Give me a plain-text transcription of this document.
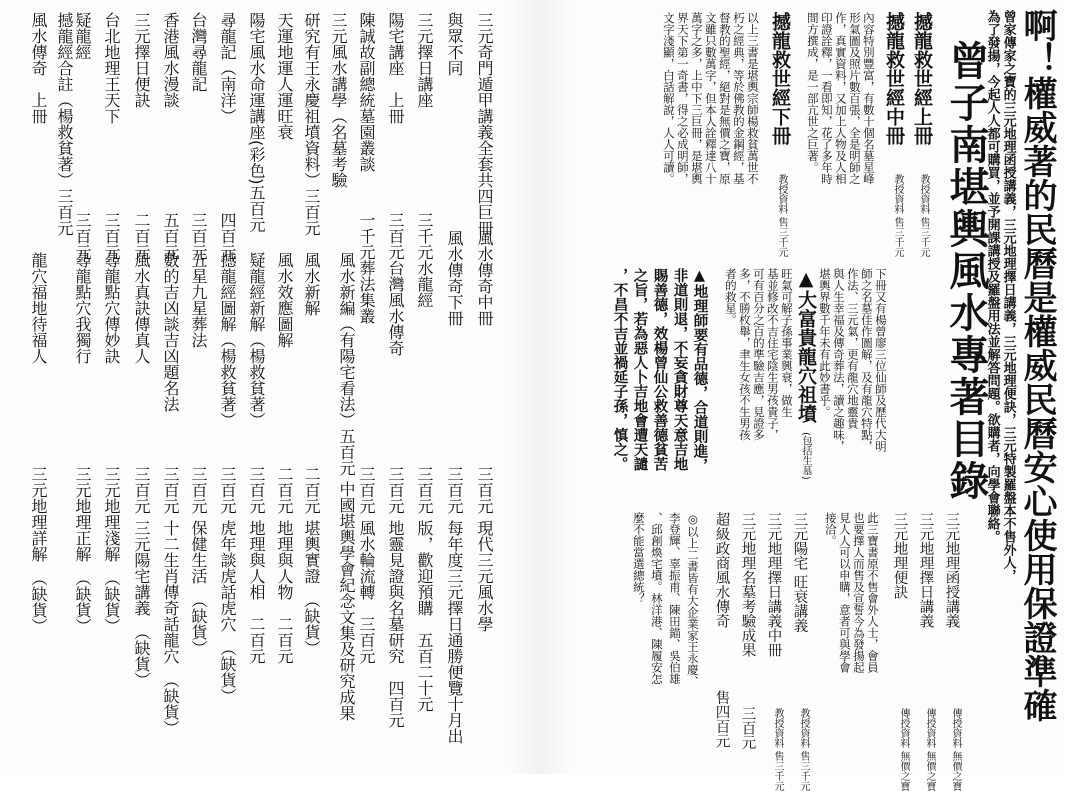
三元奇門遁甲講義全套共四巨冊
與眾不同
三元擇日講座
陽宅講座　上冊
陳誠故副總統墓園叢談
三元風水講學（名墓考驗
研究有王永慶祖墳資料）三百元
天運地運人運旺衰
陽宅風水命運講座(彩色)五百元
尋龍記（南洋）
台灣尋龍記
香港風水漫談
三元擇日便訣
台北地理王天下
疑龍經
撼龍經合註（楊救貧著）三百元
風水傳奇　上冊
風水傳奇中冊
風水傳奇下冊
水龍經
台灣風水傳奇
葬法集叢
風水新編（有陽宅看法）五百元 中國堪輿學會紀念文集及研究成果
風水新解
風水效應圖解
疑龍經新解（楊救貧著）
撼龍經圖解（楊救貧著）
五星九星葬法
數的吉凶談吉凶題名法
風水真訣傳真人
尋龍點穴傳妙訣
尋龍點穴我獨行
龍穴福地待福人
三千元
三百元
一千元
四百元
三百元
五百元
二百元
三百元
三百元
三百元
現代三元風水學
三百元
每年度三元擇日通勝便覽十月出
三百元
版，歡迎預購　五百二十元
三百元
地靈見證與名墓研究　四百元
三百元
風水輪流轉　三百元
二百元
堪輿實證　（缺貨）
二百元
地理與人物　二百元
三百元
地理與人相　二百元
三百元
虎年談虎話虎穴　（缺貨）
三百元
保健生活　（缺貨）
三百元
十二生肖傳奇話龍穴　（缺貨）
三百元
三元陽宅講義　（缺貨）
三元地理淺解　（缺貨）
三元地理正解　（缺貨）
三元地理詳解　（缺貨）	啊！權威著的民曆是權威民曆安心使用保證準確
曾子南堪輿風水專著目錄 曾家傳家之寶的三元地理函授講義，三元地理擇日講義，三元地理便訣，三元特製羅盤本不售外人，
為了發揚，今起人人都可購買，並予開課講授及羅盤用法並解答問題。欲購者，向學會聯絡。
撼龍救世經上冊
教授資料 售三千元
撼龍救世經中冊
教授資料 售三千元
內容特別豐富，有數十個名墓星峰
形氣圖及照片數百張，全是明師之
作，真實資料，又加上人物及人相
印證詮釋，一看即知，花了多年時
間方撰成，是一部亢世之巨著。
撼龍救世經下冊
教授資料 售三千元
以上三書是堪輿宗師楊救貧萬世不
朽之經典，等於佛教的金鋼經，基
督教的聖經，絕對是無價之寶，原
文雖只數萬字，但本人詮釋達八十
萬字之多，上中下三巨冊，是堪輿
界天下第一奇書，得之必成明師，
文字淺顯，白話解說，人人可讀。
下冊又有楊曾廖三位仙師及歷代大明
師之名墓佳作圖解，及有龍穴特點，
作法、三元氣，更有龍穴地靈貴
與人生幸福及傳奇葬法，讀之趣味，
堪輿界數千年未有此妙書乎。
▲大富貴龍穴祖墳
(包括生墓)
旺氣可解子孫事業興衰，做生
基並修改不吉住宅陰生男孩貴子，
可有百分之百的準驗吉應，見證多
多，不勝枚舉，聿生女孩不生男孩
者的救星。
▲地理師要有品德，合道則進，
非道則退，不妄貪財尊天意吉地
賜善德，效楊曾仙公救善德貧苦
之旨，若為惡人卜吉地會遭天譴
，不昌不吉並禍延子孫，慎之。
三元地理函授講義
傳授資料 無價之寶
三元地理擇日講義
傳授資料 無價之寶
三元地理便訣
傳授資料 無價之寶
此三寶書原不售會外人士，會員
也要擇人而售及宣誓今為發揚起
見人人可以申購，意者可與學會
接洽。
三元陽宅 旺衰講義
教授資料 售三千元
三元地理擇日講義中冊
教授資料 售三千元
三元地理名墓考驗成果
三百元
超級政商風水傳奇
售四百元
◎以上二書皆有大企業家王永慶、
李登輝、辜振甫、陳田錨、吳伯雄
、邱創煥宅墳。林洋港、陳履安怎
麼不能當選總統？
